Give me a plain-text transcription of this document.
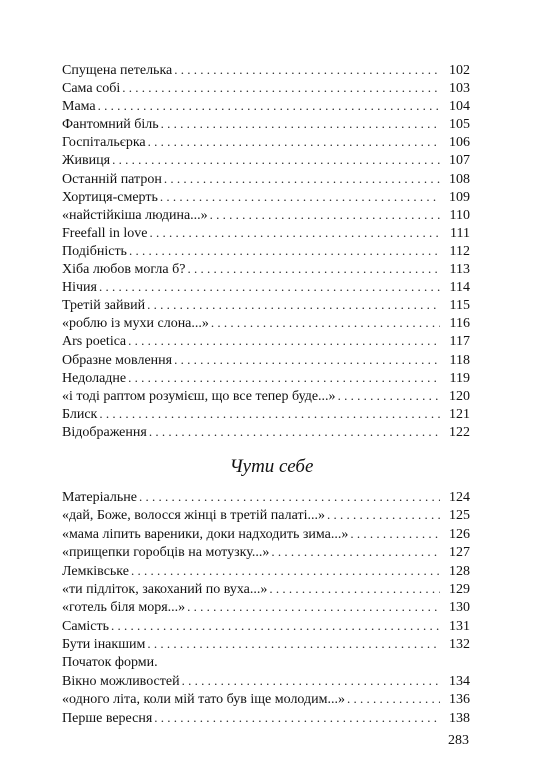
Спущена петелька . . .	102
Сама собі . . .	103
Мама . . .	104
Фантомний біль . . .	105
Госпітальєрка . . .	106
Живиця . . .	107
Останній патрон . . .	108
Хортиця-смерть . . .	109
«найстійкіша людина...» . . .	110
Freefall in love . . .	111
Подібність . . .	112
Хіба любов могла б? . . .	113
Нічия . . .	114
Третій зайвий . . .	115
«роблю із мухи слона...» . . .	116
Ars poetica . . .	117
Образне мовлення . . .	118
Недоладне . . .	119
«і тоді раптом розумієш, що все тепер буде...» . . .	120
Блиск . . .	121
Відображення . . .	122
Чути себе
Матеріальне . . .	124
«дай, Боже, волосся жінці в третій палаті...» . . .	125
«мама ліпить вареники, доки надходить зима...» . . .	126
«прищепки горобців на мотузку...» . . .	127
Лемківське . . .	128
«ти підліток, закоханий по вуха...» . . .	129
«готель біля моря...» . . .	130
Самість . . .	131
Бути інакшим . . .	132
Початок форми.
Вікно можливостей . . .	134
«одного літа, коли мій тато був іще молодим...» . . .	136
Перше вересня . . .	138
283
